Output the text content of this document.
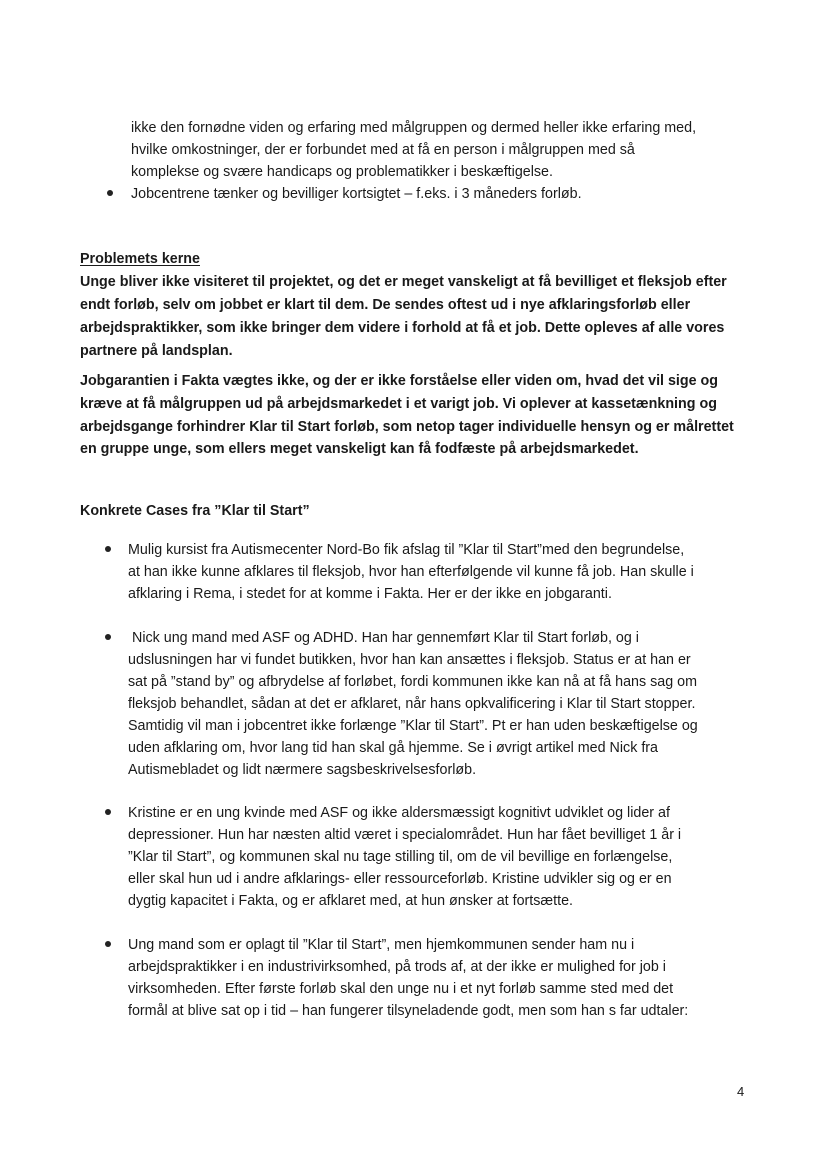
ikke den fornødne viden og erfaring med målgruppen og dermed heller ikke erfaring med,
hvilke omkostninger, der er forbundet med at få en person i målgruppen med så
komplekse og svære handicaps og problematikker i beskæftigelse.
Jobcentrene tænker og bevilliger kortsigtet – f.eks. i 3 måneders forløb.
Problemets kerne
Unge bliver ikke visiteret til projektet, og det er meget vanskeligt at få bevilliget et fleksjob efter
endt forløb, selv om jobbet er klart til dem. De sendes oftest ud i nye afklaringsforløb eller
arbejdspraktikker, som ikke bringer dem videre i forhold at få et job. Dette opleves af alle vores
partnere på landsplan.
Jobgarantien i Fakta vægtes ikke, og der er ikke forståelse eller viden om, hvad det vil sige og
kræve at få målgruppen ud på arbejdsmarkedet i et varigt job. Vi oplever at kassetænkning og
arbejdsgange forhindrer Klar til Start forløb, som netop tager individuelle hensyn og er målrettet
en gruppe unge, som ellers meget vanskeligt kan få fodfæste på arbejdsmarkedet.
Konkrete Cases fra ”Klar til Start”
Mulig kursist fra Autismecenter Nord-Bo fik afslag til ”Klar til Start”med den begrundelse,
at han ikke kunne afklares til fleksjob, hvor han efterfølgende vil kunne få job. Han skulle i
afklaring i Rema, i stedet for at komme i Fakta. Her er der ikke en jobgaranti.
Nick ung mand med ASF og ADHD. Han har gennemført Klar til Start forløb, og i
udslusningen har vi fundet butikken, hvor han kan ansættes i fleksjob. Status er at han er
sat på ”stand by” og afbrydelse af forløbet, fordi kommunen ikke kan nå at få hans sag om
fleksjob behandlet, sådan at det er afklaret, når hans opkvalificering i Klar til Start stopper.
Samtidig vil man i jobcentret ikke forlænge ”Klar til Start”. Pt er han uden beskæftigelse og
uden afklaring om, hvor lang tid han skal gå hjemme. Se i øvrigt artikel med Nick fra
Autismebladet og lidt nærmere sagsbeskrivelsesforløb.
Kristine er en ung kvinde med ASF og ikke aldersmæssigt kognitivt udviklet og lider af
depressioner. Hun har næsten altid været i specialområdet. Hun har fået bevilliget 1 år i
”Klar til Start”, og kommunen skal nu tage stilling til, om de vil bevillige en forlængelse,
eller skal hun ud i andre afklarings- eller ressourceforløb. Kristine udvikler sig og er en
dygtig kapacitet i Fakta, og er afklaret med, at hun ønsker at fortsætte.
Ung mand som er oplagt til ”Klar til Start”, men hjemkommunen sender ham nu i
arbejdspraktikker i en industrivirksomhed, på trods af, at der ikke er mulighed for job i
virksomheden. Efter første forløb skal den unge nu i et nyt forløb samme sted med det
formål at blive sat op i tid – han fungerer tilsyneladende godt, men som han s far udtaler:
4
